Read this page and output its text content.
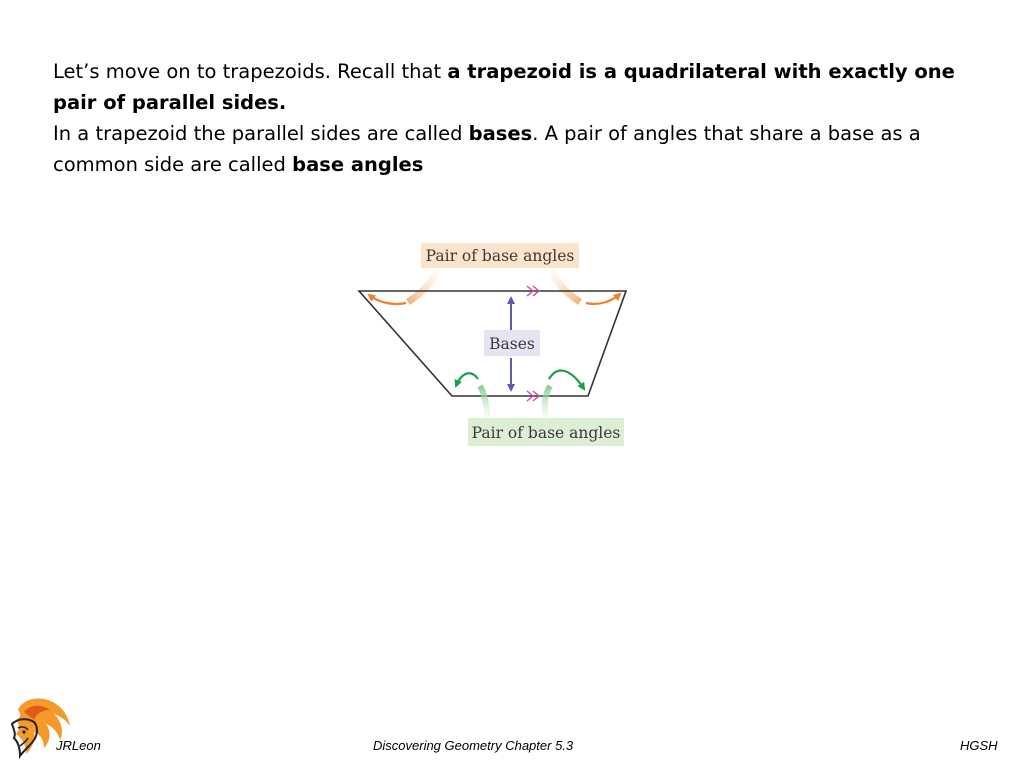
Let’s move on to trapezoids. Recall that a trapezoid is a quadrilateral with exactly one pair of parallel sides.

In a trapezoid the parallel sides are called bases. A pair of angles that share a base as a common side are called base angles

Pair of base angles
Bases
Pair of base angles
JRLeon	Discovering Geometry Chapter 5.3	HGSH
